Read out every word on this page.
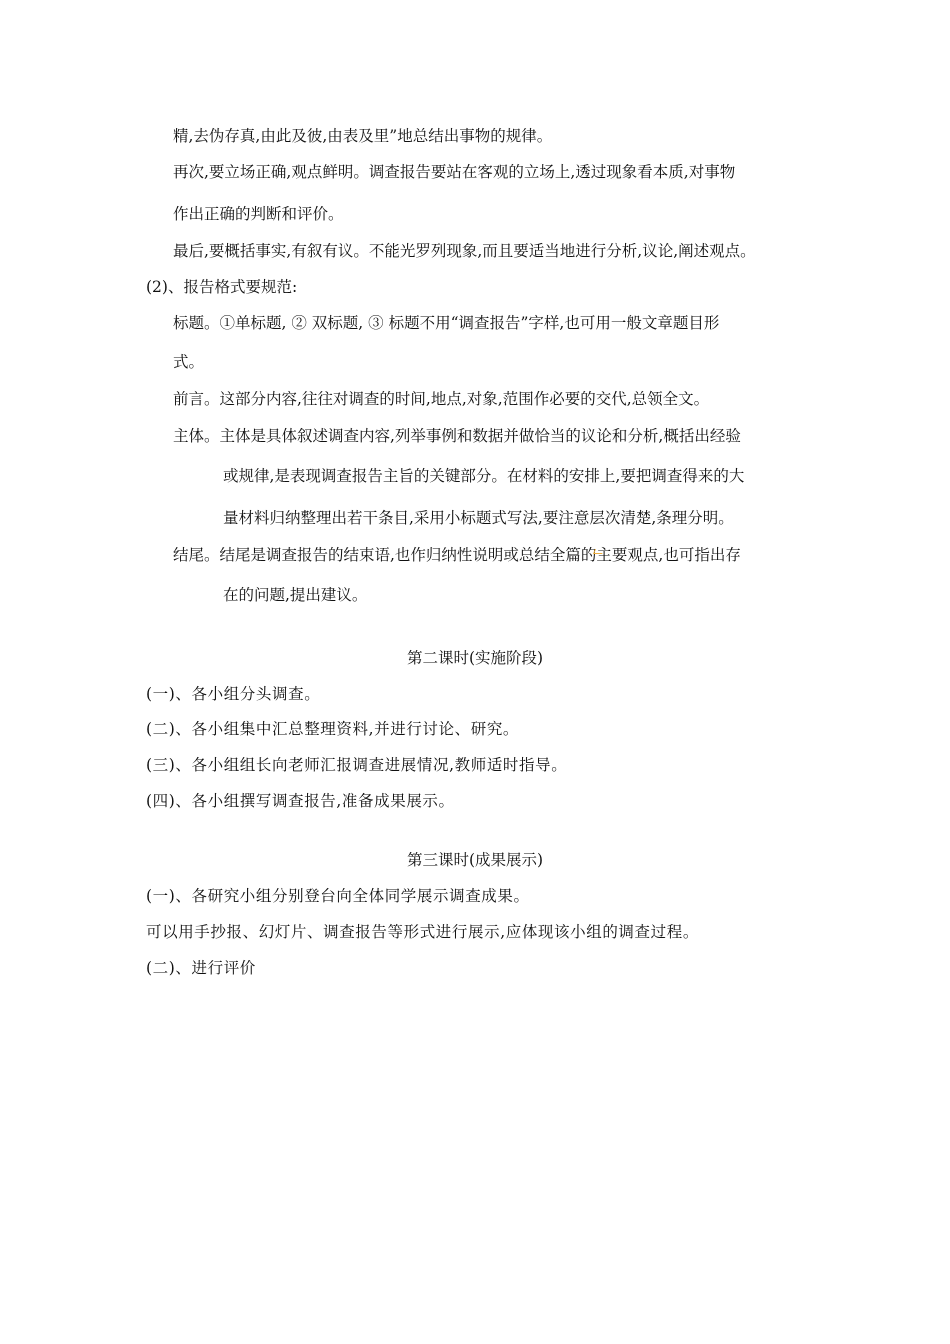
精,去伪存真,由此及彼,由表及里”地总结出事物的规律。
再次,要立场正确,观点鲜明。调查报告要站在客观的立场上,透过现象看本质,对事物
作出正确的判断和评价。
最后,要概括事实,有叙有议。不能光罗列现象,而且要适当地进行分析,议论,阐述观点。
(2)、报告格式要规范:
标题。①单标题, ② 双标题, ③ 标题不用“调查报告”字样,也可用一般文章题目形
式。
前言。这部分内容,往往对调查的时间,地点,对象,范围作必要的交代,总领全文。
主体。主体是具体叙述调查内容,列举事例和数据并做恰当的议论和分析,概括出经验
或规律,是表现调查报告主旨的关键部分。在材料的安排上,要把调查得来的大
量材料归纳整理出若干条目,采用小标题式写法,要注意层次清楚,条理分明。
结尾。结尾是调查报告的结束语,也作归纳性说明或总结全篇的主要观点,也可指出存
在的问题,提出建议。
第二课时(实施阶段)
(一)、各小组分头调查。
(二)、各小组集中汇总整理资料,并进行讨论、研究。
(三)、各小组组长向老师汇报调查进展情况,教师适时指导。
(四)、各小组撰写调查报告,准备成果展示。
第三课时(成果展示)
(一)、各研究小组分别登台向全体同学展示调查成果。
可以用手抄报、幻灯片、调查报告等形式进行展示,应体现该小组的调查过程。
(二)、进行评价
